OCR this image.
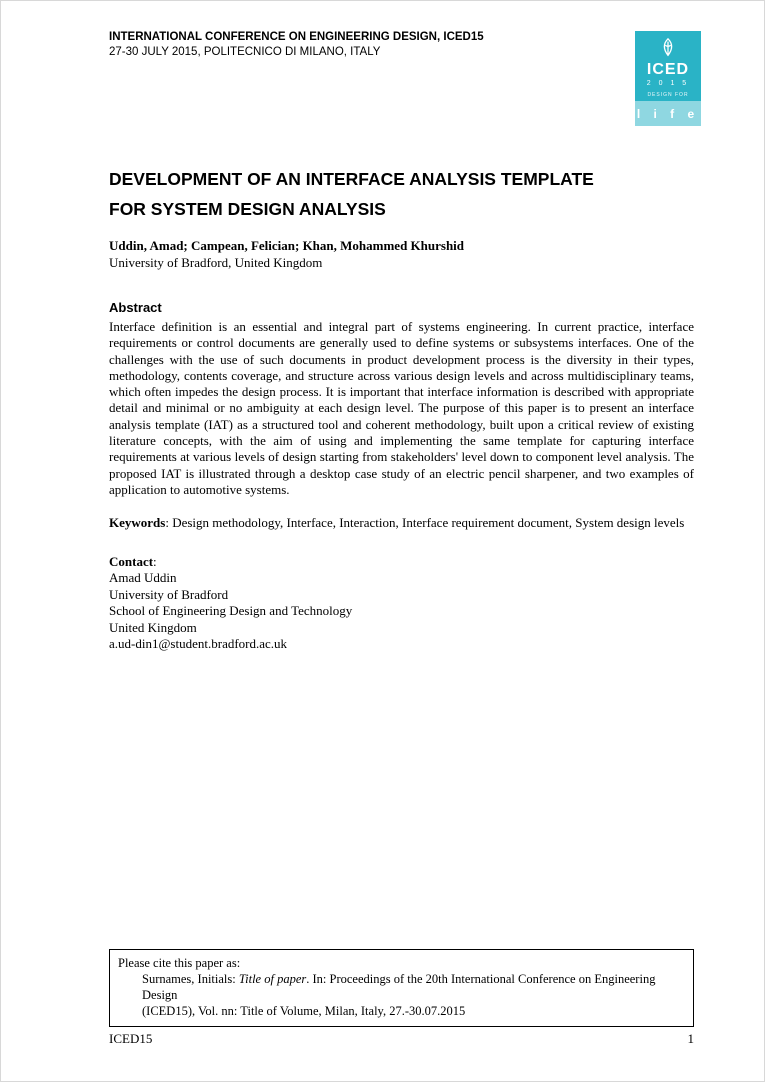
INTERNATIONAL CONFERENCE ON ENGINEERING DESIGN, ICED15
27-30 JULY 2015, POLITECNICO DI MILANO, ITALY
ICED
2 0 1 5
DESIGN FOR
l i f e
DEVELOPMENT OF AN INTERFACE ANALYSIS TEMPLATE
FOR SYSTEM DESIGN ANALYSIS
Uddin, Amad; Campean, Felician; Khan, Mohammed Khurshid
University of Bradford, United Kingdom
Abstract
Interface definition is an essential and integral part of systems engineering. In current practice, interface requirements or control documents are generally used to define systems or subsystems interfaces. One of the challenges with the use of such documents in product development process is the diversity in their types, methodology, contents coverage, and structure across various design levels and across multidisciplinary teams, which often impedes the design process. It is important that interface information is described with appropriate detail and minimal or no ambiguity at each design level. The purpose of this paper is to present an interface analysis template (IAT) as a structured tool and coherent methodology, built upon a critical review of existing literature concepts, with the aim of using and implementing the same template for capturing interface requirements at various levels of design starting from stakeholders' level down to component level analysis. The proposed IAT is illustrated through a desktop case study of an electric pencil sharpener, and two examples of application to automotive systems.
Keywords: Design methodology, Interface, Interaction, Interface requirement document, System design levels
Contact:
Amad Uddin
University of Bradford
School of Engineering Design and Technology
United Kingdom
a.ud-din1@student.bradford.ac.uk
Please cite this paper as:
Surnames, Initials: Title of paper. In: Proceedings of the 20th International Conference on Engineering Design
(ICED15), Vol. nn: Title of Volume, Milan, Italy, 27.-30.07.2015
ICED15	1
